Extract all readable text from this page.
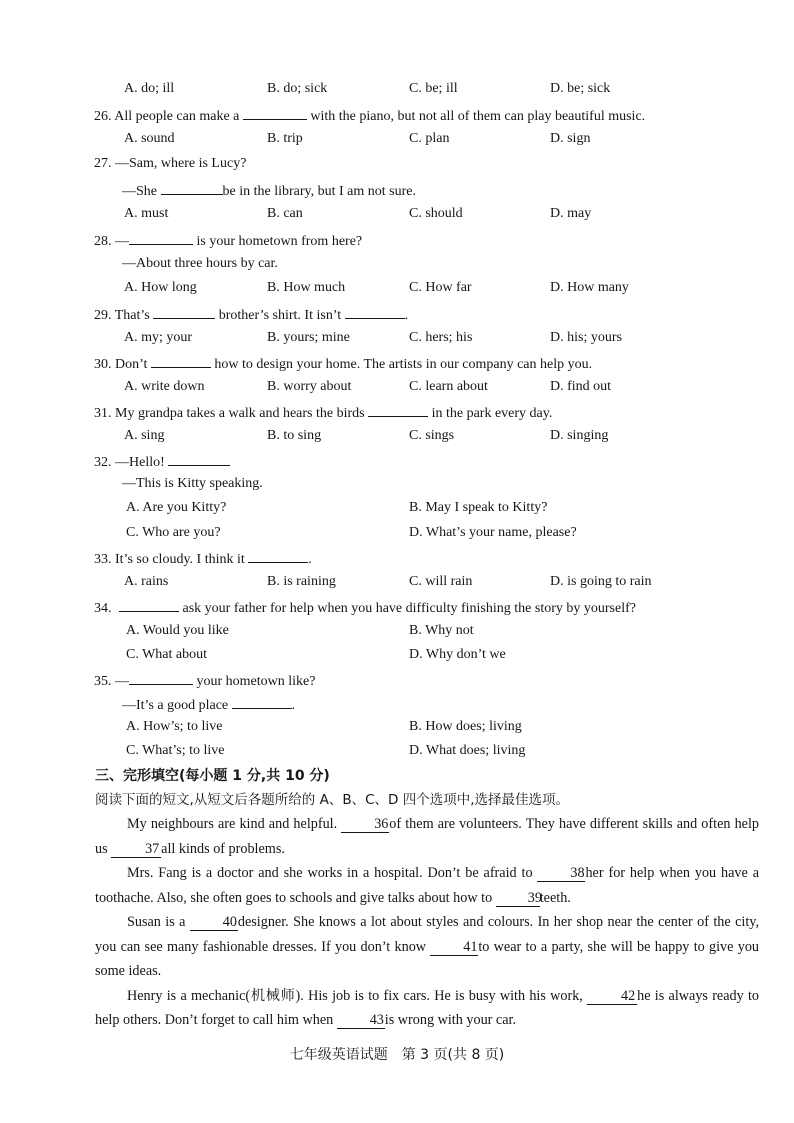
A. do; ill	B. do; sick	C. be; ill	D. be; sick
26. All people can make a	with the piano, but not all of them can play beautiful music.
A. sound	B. trip	C. plan	D. sign
27. —Sam, where is Lucy?
—She	be in the library, but I am not sure.
A. must	B. can	C. should	D. may
28. —	is your hometown from here?
—About three hours by car.
A. How long	B. How much	C. How far	D. How many
29. That’s	brother’s shirt. It isn’t	.
A. my; your	B. yours; mine	C. hers; his	D. his; yours
30. Don’t	how to design your home. The artists in our company can help you.
A. write down	B. worry about	C. learn about	D. find out
31. My grandpa takes a walk and hears the birds	in the park every day.
A. sing	B. to sing	C. sings	D. singing
32. —Hello!
—This is Kitty speaking.
A. Are you Kitty?	B. May I speak to Kitty?
C. Who are you?	D. What’s your name, please?
33. It’s so cloudy. I think it	.
A. rains	B. is raining	C. will rain	D. is going to rain
34.	ask your father for help when you have difficulty finishing the story by yourself?
A. Would you like	B. Why not
C. What about	D. Why don’t we
35. —	your hometown like?
—It’s a good place	.
A. How’s; to live	B. How does; living
C. What’s; to live	D. What does; living
三、完形填空(每小题 1 分,共 10 分)
阅读下面的短文,从短文后各题所给的 A、B、C、D 四个选项中,选择最佳选项。

My neighbours are kind and helpful.	36of them are volunteers. They have different skills and often help us	37 all kinds of problems.

Mrs. Fang is a doctor and she works in a hospital. Don’t be afraid to	38her for help when you have a toothache. Also, she often goes to schools and give talks about how to	39teeth.

Susan is a	40designer. She knows a lot about styles and colours. In her shop near the center of the city, you can see many fashionable dresses. If you don’t know	41to wear to a party, she will be happy to give you some ideas.

Henry is a mechanic(机械师). His job is to fix cars. He is busy with his work,	42 he is always ready to help others. Don’t forget to call him when	43is wrong with your car.

七年级英语试题　第 3 页(共 8 页)
